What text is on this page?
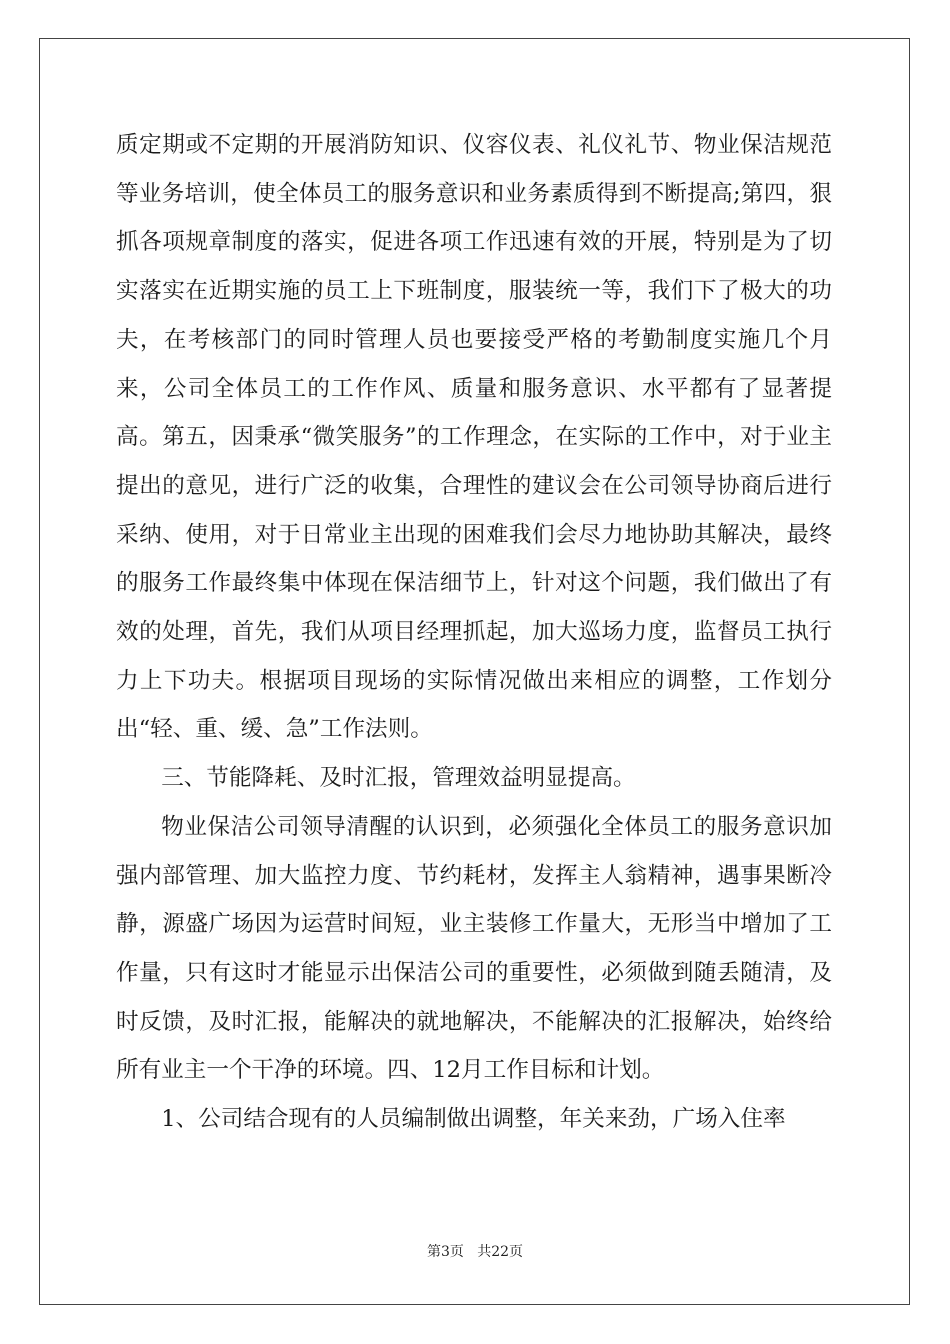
质定期或不定期的开展消防知识、仪容仪表、礼仪礼节、物业保洁规范等业务培训，使全体员工的服务意识和业务素质得到不断提高;第四，狠抓各项规章制度的落实，促进各项工作迅速有效的开展，特别是为了切实落实在近期实施的员工上下班制度，服装统一等，我们下了极大的功夫，在考核部门的同时管理人员也要接受严格的考勤制度实施几个月来，公司全体员工的工作作风、质量和服务意识、水平都有了显著提高。第五，因秉承“微笑服务”的工作理念，在实际的工作中，对于业主提出的意见，进行广泛的收集，合理性的建议会在公司领导协商后进行采纳、使用，对于日常业主出现的困难我们会尽力地协助其解决，最终的服务工作最终集中体现在保洁细节上，针对这个问题，我们做出了有效的处理，首先，我们从项目经理抓起，加大巡场力度，监督员工执行力上下功夫。根据项目现场的实际情况做出来相应的调整，工作划分出“轻、重、缓、急”工作法则。

三、节能降耗、及时汇报，管理效益明显提高。

物业保洁公司领导清醒的认识到，必须强化全体员工的服务意识加强内部管理、加大监控力度、节约耗材，发挥主人翁精神，遇事果断冷静，源盛广场因为运营时间短，业主装修工作量大，无形当中增加了工作量，只有这时才能显示出保洁公司的重要性，必须做到随丢随清，及时反馈，及时汇报，能解决的就地解决，不能解决的汇报解决，始终给所有业主一个干净的环境。四、12月工作目标和计划。

1、公司结合现有的人员编制做出调整，年关来劲，广场入住率

第3页   共22页
